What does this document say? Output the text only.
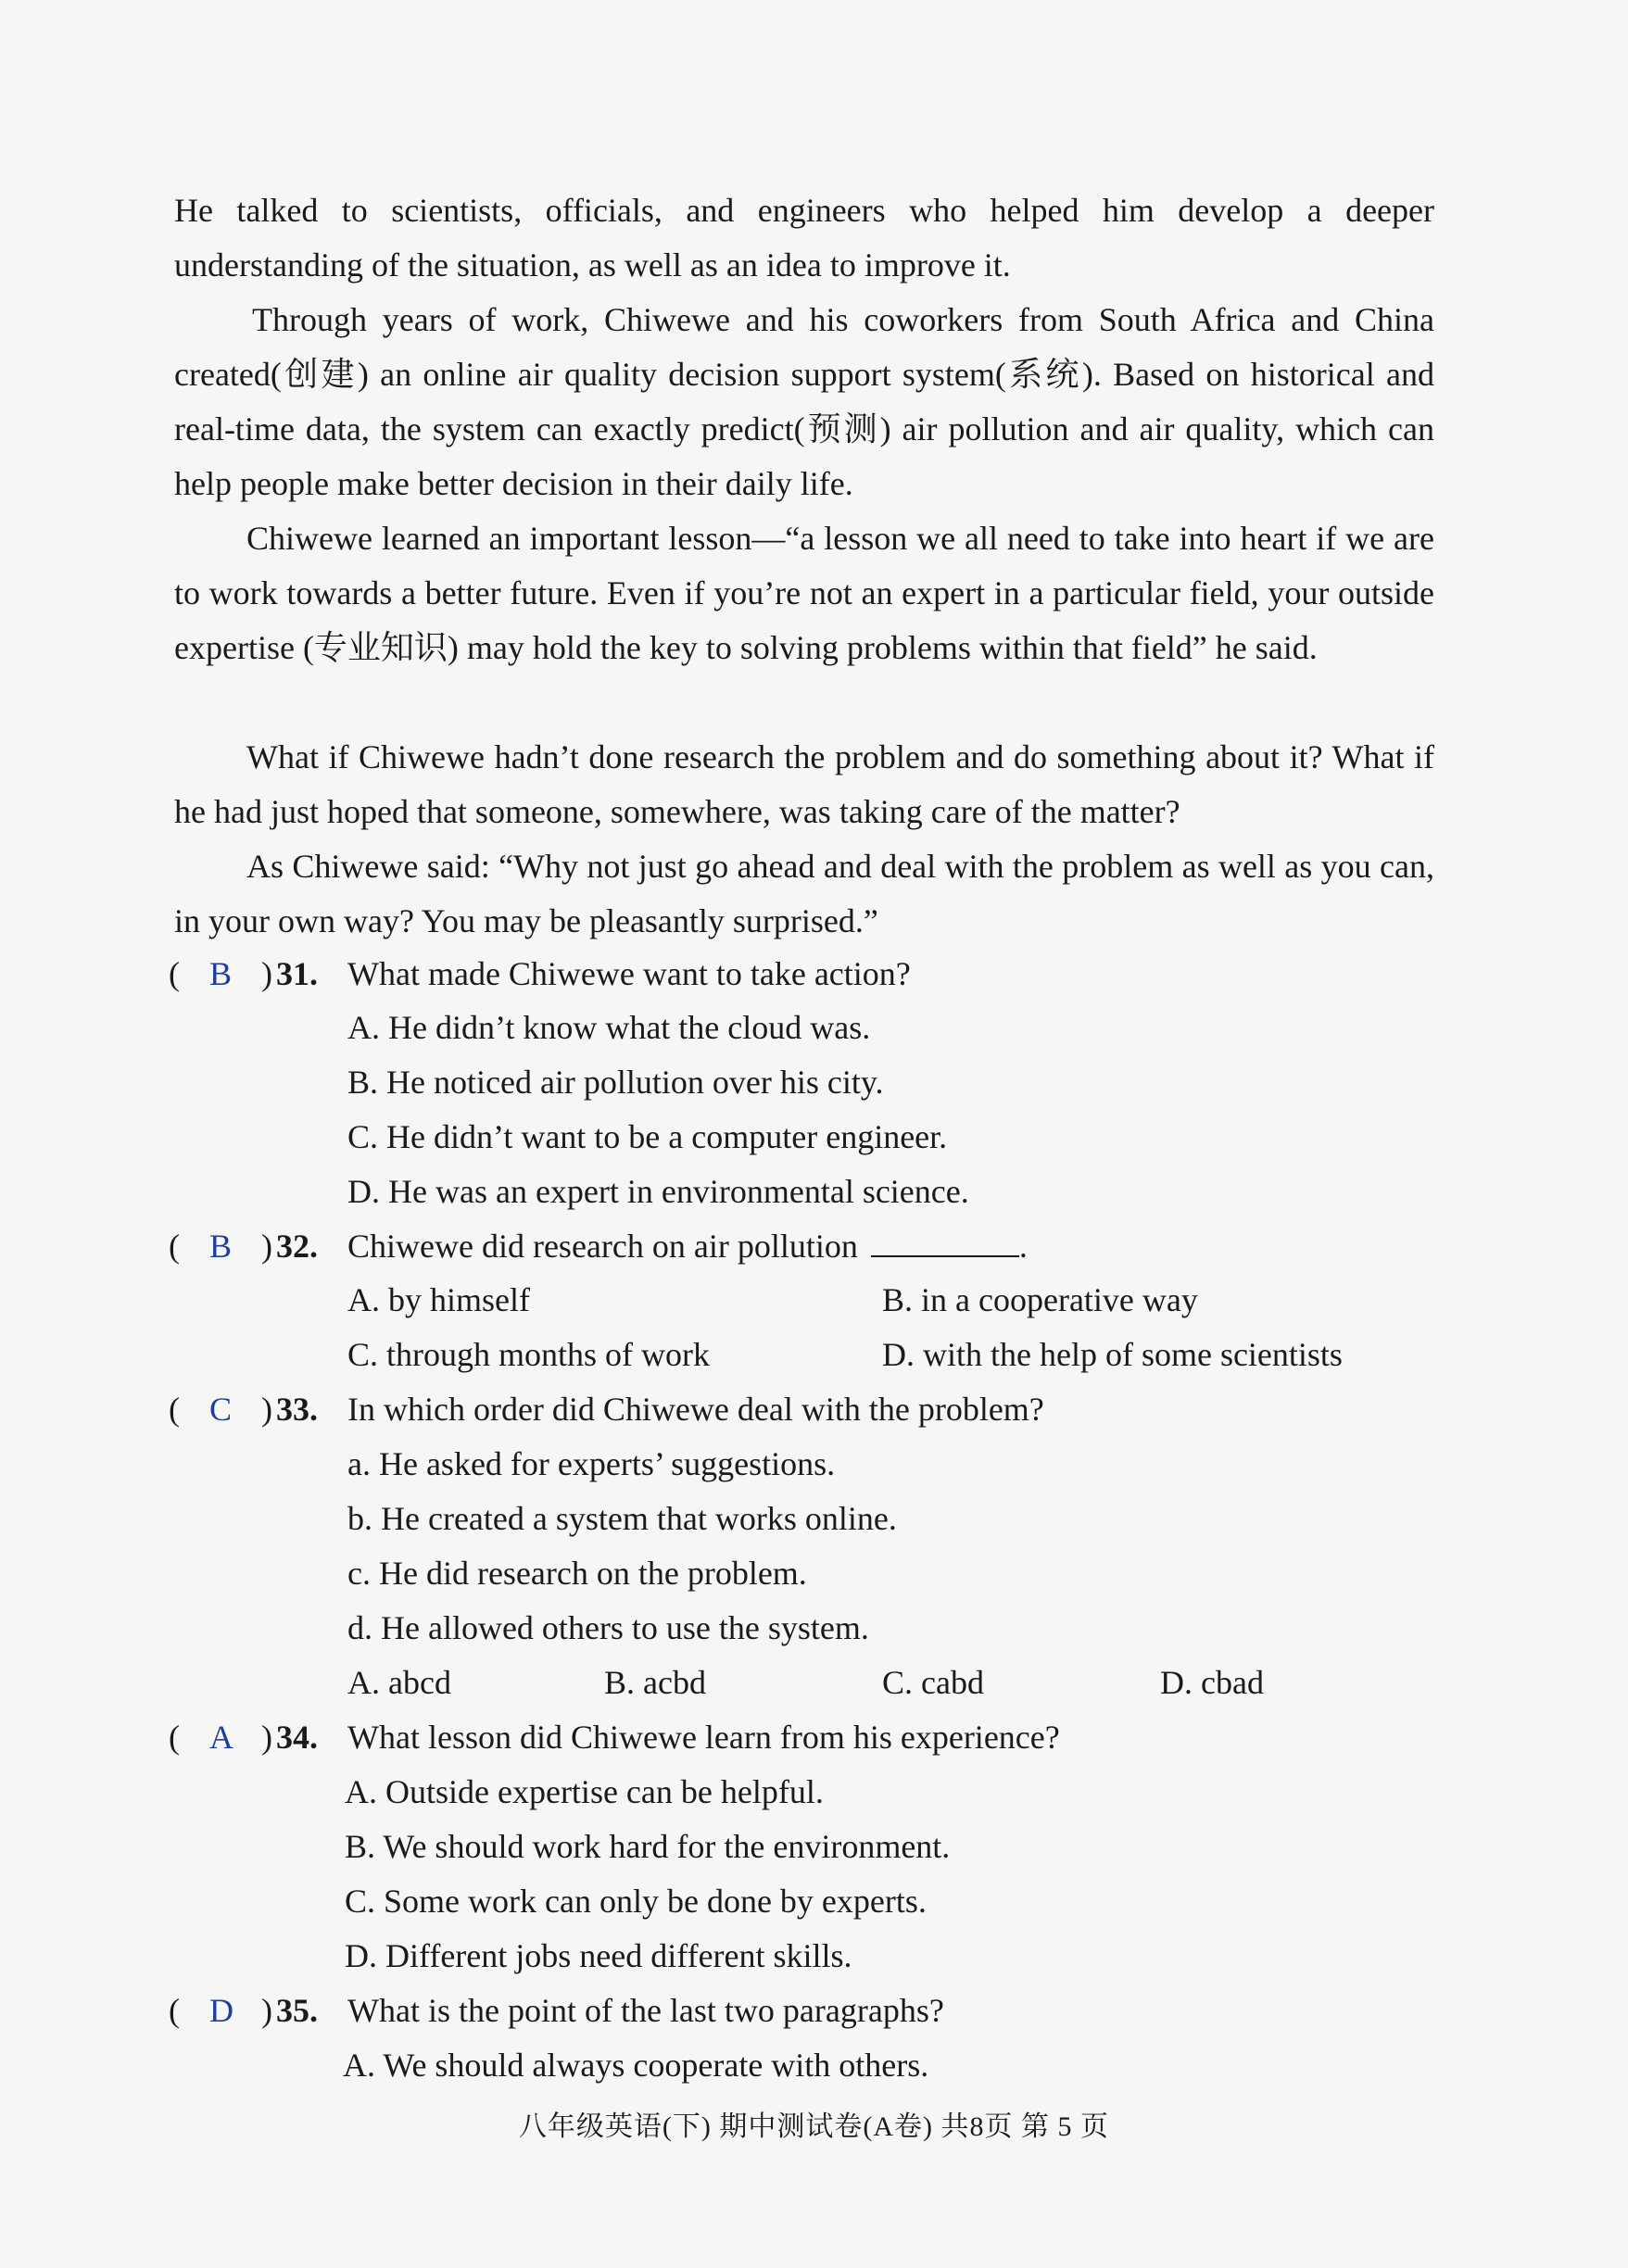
He talked to scientists, officials, and engineers who helped him develop a deeper understanding of the situation, as well as an idea to improve it.
Through years of work, Chiwewe and his coworkers from South Africa and China created(创建) an online air quality decision support system(系统). Based on historical and real-time data, the system can exactly predict(预测) air pollution and air quality, which can help people make better decision in their daily life.
Chiwewe learned an important lesson—“a lesson we all need to take into heart if we are to work towards a better future. Even if you’re not an expert in a particular field, your outside expertise (专业知识) may hold the key to solving problems within that field” he said.
What if Chiwewe hadn’t done research the problem and do something about it? What if he had just hoped that someone, somewhere, was taking care of the matter?
As Chiwewe said: “Why not just go ahead and deal with the problem as well as you can, in your own way? You may be pleasantly surprised.”
( B ) 31. What made Chiwewe want to take action?
A. He didn’t know what the cloud was.
B. He noticed air pollution over his city.
C. He didn’t want to be a computer engineer.
D. He was an expert in environmental science.
( B ) 32. Chiwewe did research on air pollution	.
A. by himself	B. in a cooperative way
C. through months of work	D. with the help of some scientists
( C ) 33. In which order did Chiwewe deal with the problem?
a. He asked for experts’ suggestions.
b. He created a system that works online.
c. He did research on the problem.
d. He allowed others to use the system.
A. abcd	B. acbd	C. cabd	D. cbad
( A ) 34. What lesson did Chiwewe learn from his experience?
A. Outside expertise can be helpful.
B. We should work hard for the environment.
C. Some work can only be done by experts.
D. Different jobs need different skills.
( D ) 35. What is the point of the last two paragraphs?
A. We should always cooperate with others.
八年级英语(下) 期中测试卷(A卷) 共8页 第 5 页
